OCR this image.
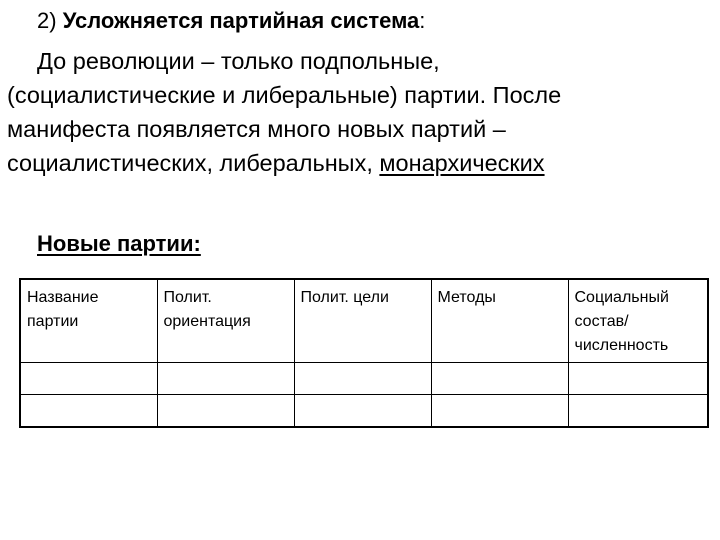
2) Усложняется партийная система:
До революции – только подпольные,
(социалистические и либеральные) партии. После
манифеста появляется много новых партий –
социалистических, либеральных, монархических
Новые партии:
Название партии	Полит. ориентация	Полит. цели	Методы	Социальный состав/численность
